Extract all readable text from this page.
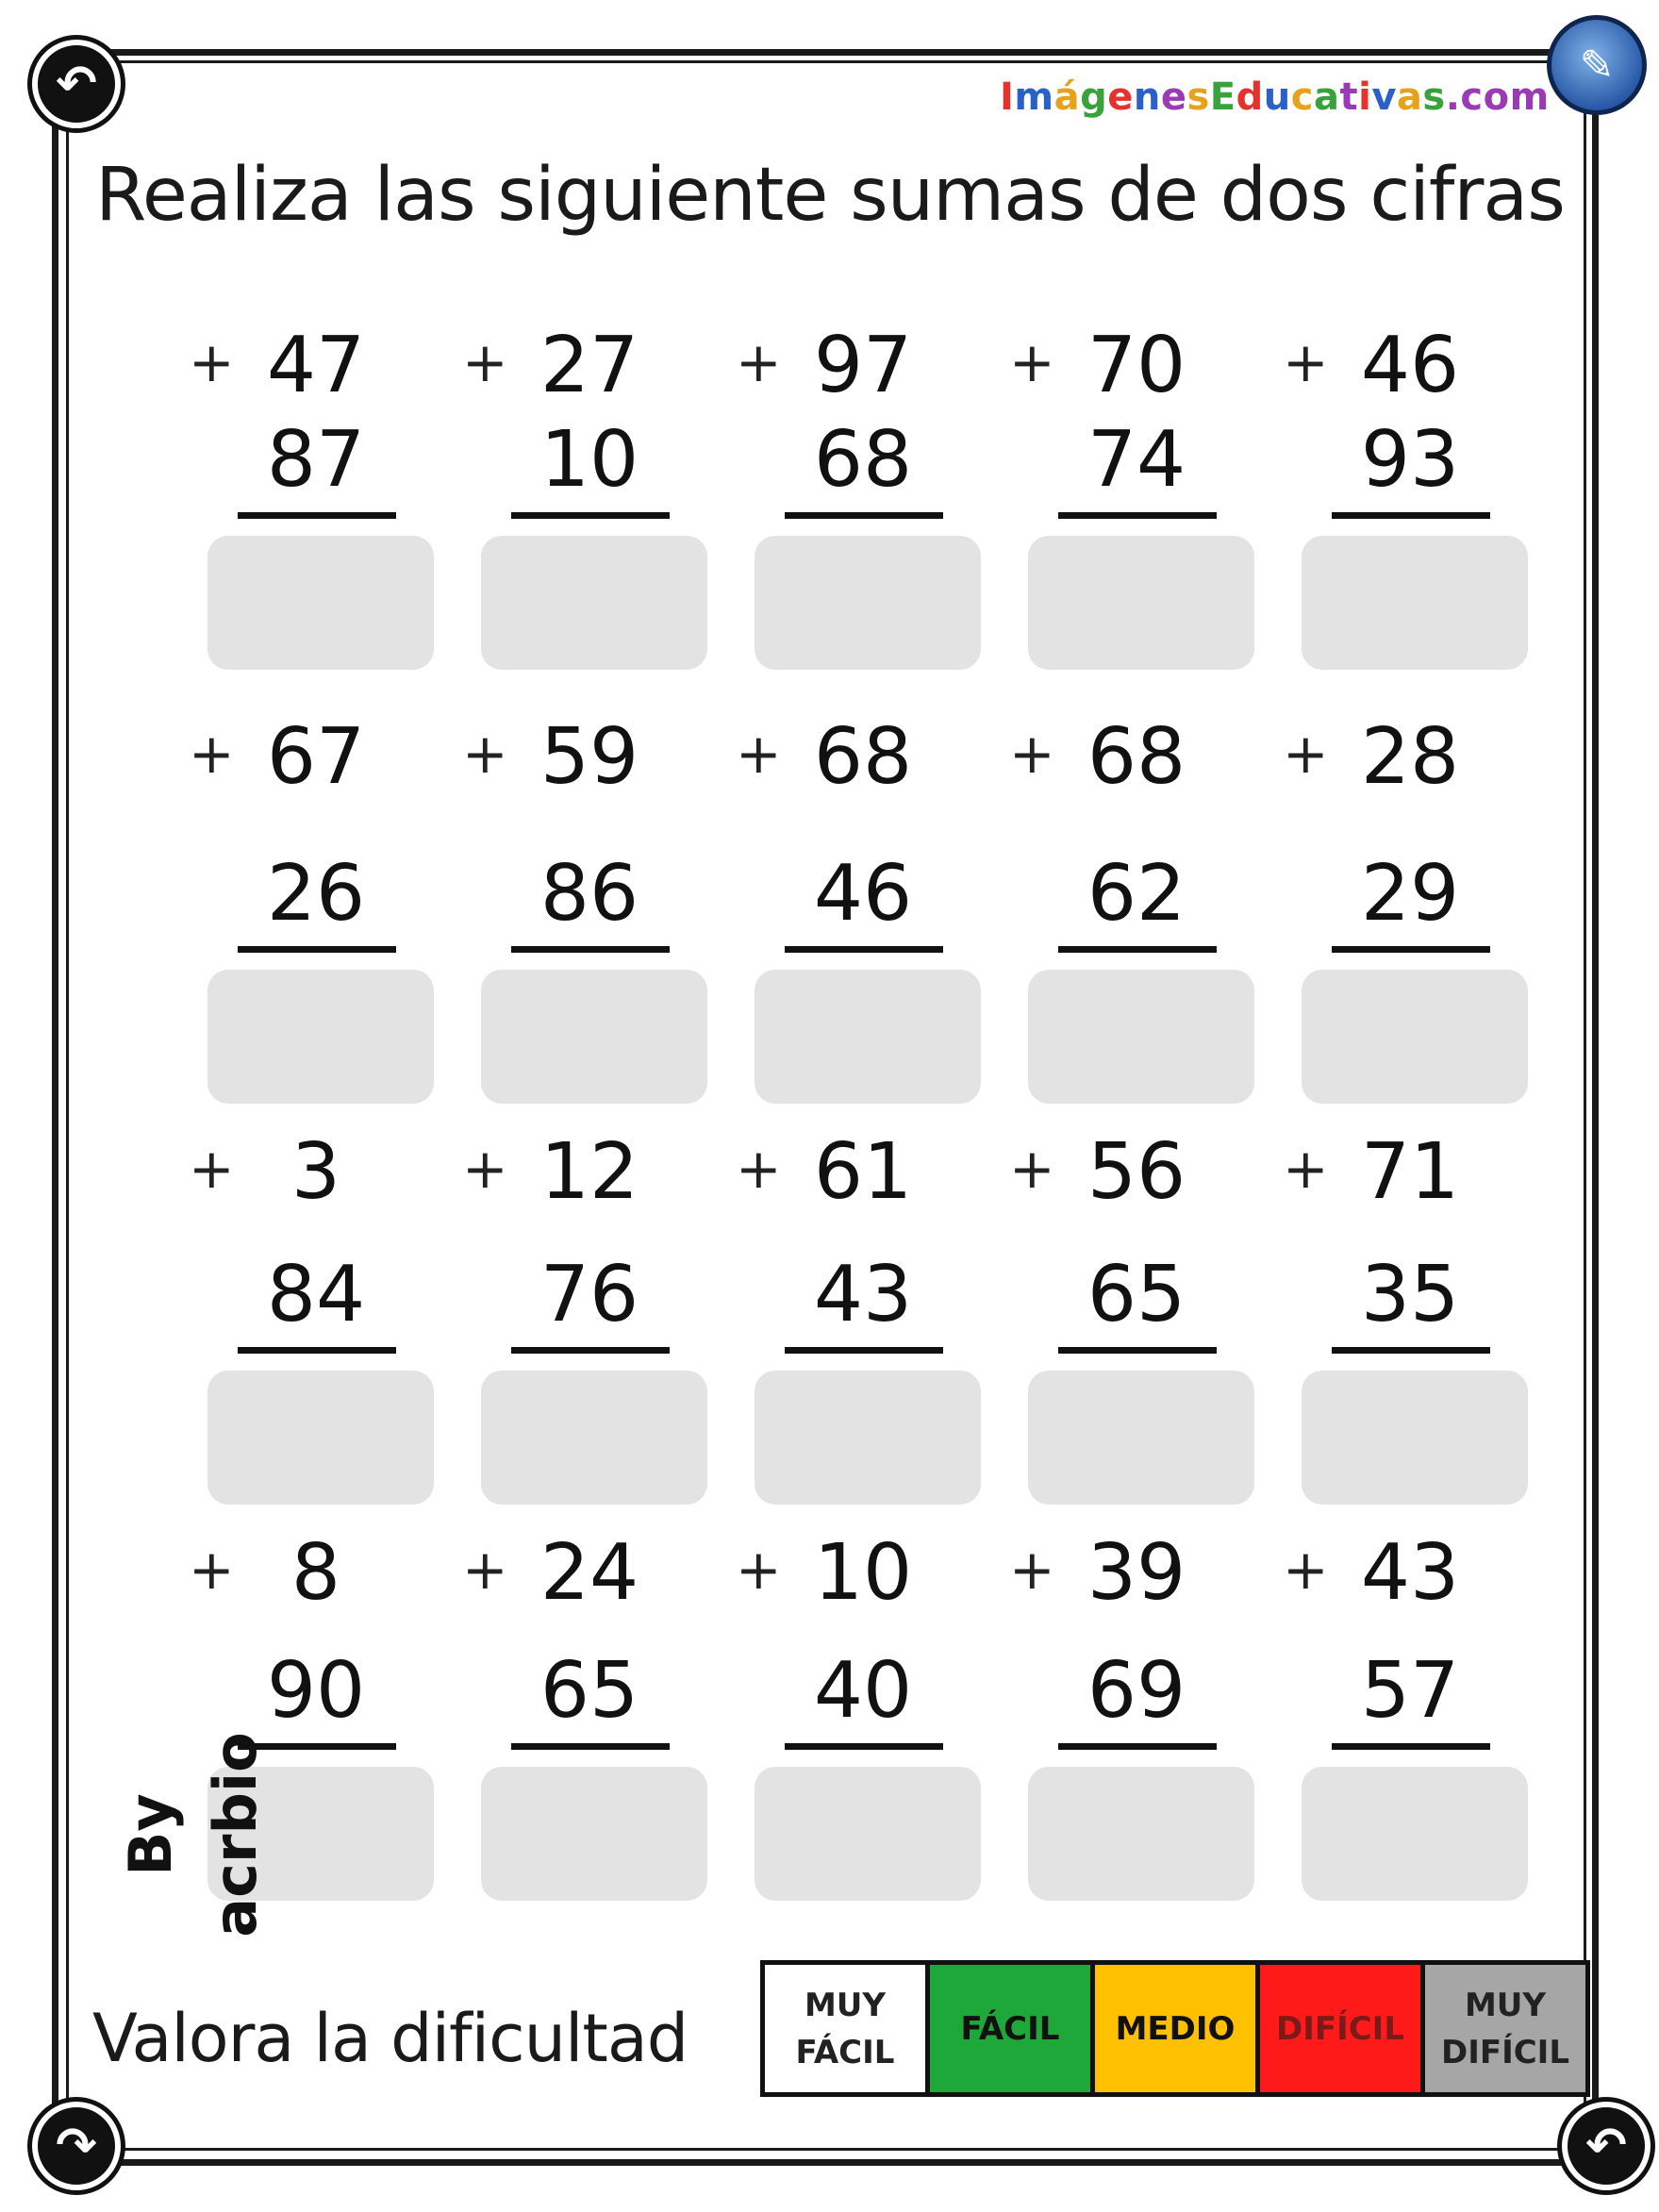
↶
↷	↶
✎
ImágenesEducativas.com
Realiza las siguiente sumas de dos cifras
+ 47
87
+ 27
10
+ 97
68
+ 70
74
+ 46
93
+ 67
26
+ 59
86
+ 68
46
+ 68
62
+ 28
29
+ 3
84
+ 12
76
+ 61
43
+ 56
65
+ 71
35
+ 8
90
+ 24
65
+ 10
40
+ 39
69
+ 43
57
By acrbio
Valora la dificultad	MUY
FÁCIL
FÁCIL	MEDIO	DIFÍCIL
MUY
DIFÍCIL
